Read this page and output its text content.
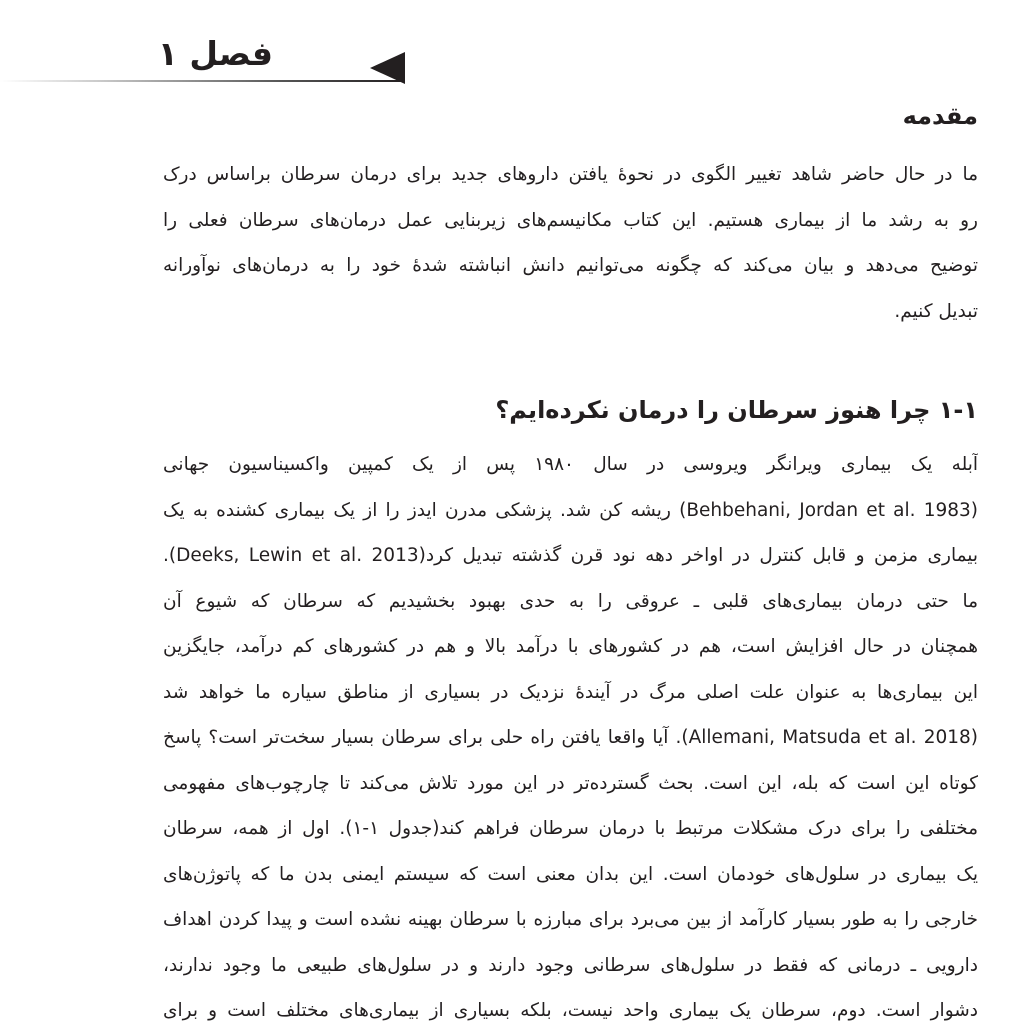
فصل ۱
مقدمه
ما در حال حاضر شاهد تغییر الگوی در نحوۀ یافتن داروهای جدید برای درمان سرطان براساس درک
رو به رشد ما از بیماری هستیم. این کتاب مکانیسم‌های زیربنایی عمل درمان‌های سرطان فعلی را
توضیح می‌دهد و بیان می‌کند که چگونه می‌توانیم دانش انباشته شدۀ خود را به درمان‌های نوآورانه
تبدیل کنیم.
۱-۱ چرا هنوز سرطان را درمان نکرده‌ایم؟
آبله یک بیماری ویرانگر ویروسی در سال ۱۹۸۰ پس از یک کمپین واکسیناسیون جهانی
(Behbehani, Jordan et al. 1983) ریشه کن شد. پزشکی مدرن ایدز را از یک بیماری کشنده به یک
بیماری مزمن و قابل کنترل در اواخر دهه نود قرن گذشته تبدیل کرد(Deeks, Lewin et al. 2013).
ما حتی درمان بیماری‌های قلبی ـ عروقی را به حدی بهبود بخشیدیم که سرطان که شیوع آن
همچنان در حال افزایش است، هم در کشورهای با درآمد بالا و هم در کشورهای کم درآمد، جایگزین
این بیماری‌ها به عنوان علت اصلی مرگ در آیندۀ نزدیک در بسیاری از مناطق سیاره ما خواهد شد
(Allemani, Matsuda et al. 2018). آیا واقعا یافتن راه حلی برای سرطان بسیار سخت‌تر است؟ پاسخ
کوتاه این است که بله، این است. بحث گسترده‌تر در این مورد تلاش می‌کند تا چارچوب‌های مفهومی
مختلفی را برای درک مشکلات مرتبط با درمان سرطان فراهم کند(جدول ۱-۱). اول از همه، سرطان
یک بیماری در سلول‌های خودمان است. این بدان معنی است که سیستم ایمنی بدن ما که پاتوژن‌های
خارجی را به طور بسیار کارآمد از بین می‌برد برای مبارزه با سرطان بهینه نشده است و پیدا کردن اهداف
دارویی ـ درمانی که فقط در سلول‌های سرطانی وجود دارند و در سلول‌های طبیعی ما وجود ندارند،
دشوار است. دوم، سرطان یک بیماری واحد نیست، بلکه بسیاری از بیماری‌های مختلف است و برای
